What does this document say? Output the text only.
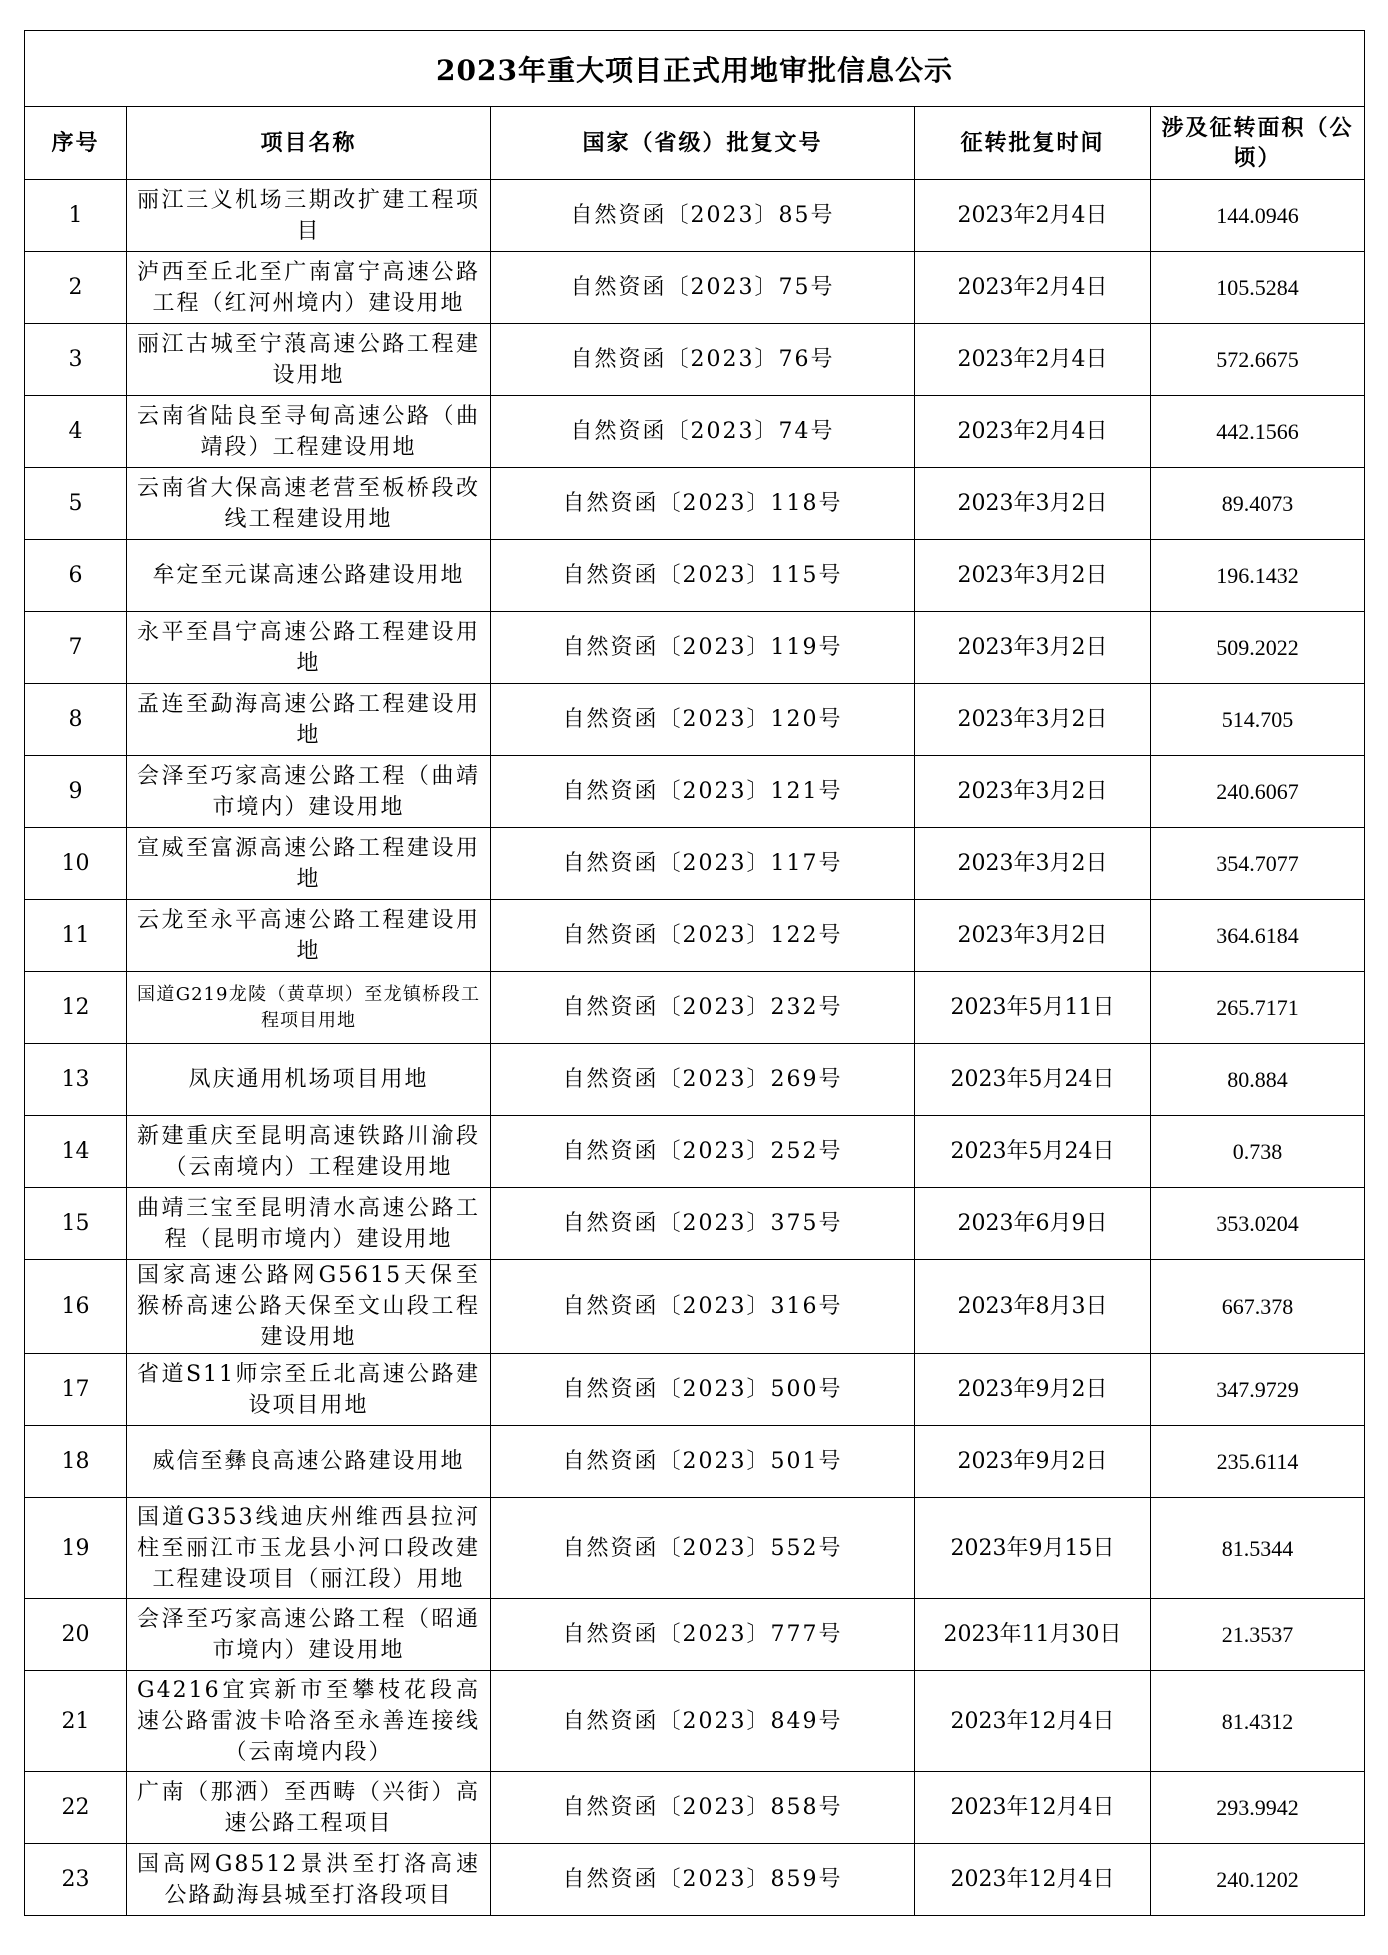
2023年重大项目正式用地审批信息公示				
序号	项目名称	国家（省级）批复文号	征转批复时间	涉及征转面积（公顷）
1	丽江三义机场三期改扩建工程项目	自然资函〔2023〕85号	2023年2月4日	144.0946
2	泸西至丘北至广南富宁高速公路工程（红河州境内）建设用地	自然资函〔2023〕75号	2023年2月4日	105.5284
3	丽江古城至宁蒗高速公路工程建设用地	自然资函〔2023〕76号	2023年2月4日	572.6675
4	云南省陆良至寻甸高速公路（曲靖段）工程建设用地	自然资函〔2023〕74号	2023年2月4日	442.1566
5	云南省大保高速老营至板桥段改线工程建设用地	自然资函〔2023〕118号	2023年3月2日	89.4073
6	牟定至元谋高速公路建设用地	自然资函〔2023〕115号	2023年3月2日	196.1432
7	永平至昌宁高速公路工程建设用地	自然资函〔2023〕119号	2023年3月2日	509.2022
8	孟连至勐海高速公路工程建设用地	自然资函〔2023〕120号	2023年3月2日	514.705
9	会泽至巧家高速公路工程（曲靖市境内）建设用地	自然资函〔2023〕121号	2023年3月2日	240.6067
10	宣威至富源高速公路工程建设用地	自然资函〔2023〕117号	2023年3月2日	354.7077
11	云龙至永平高速公路工程建设用地	自然资函〔2023〕122号	2023年3月2日	364.6184
12	国道G219龙陵（黄草坝）至龙镇桥段工程项目用地	自然资函〔2023〕232号	2023年5月11日	265.7171
13	凤庆通用机场项目用地	自然资函〔2023〕269号	2023年5月24日	80.884
14	新建重庆至昆明高速铁路川渝段（云南境内）工程建设用地	自然资函〔2023〕252号	2023年5月24日	0.738
15	曲靖三宝至昆明清水高速公路工程（昆明市境内）建设用地	自然资函〔2023〕375号	2023年6月9日	353.0204
16	国家高速公路网G5615天保至猴桥高速公路天保至文山段工程建设用地	自然资函〔2023〕316号	2023年8月3日	667.378
17	省道S11师宗至丘北高速公路建设项目用地	自然资函〔2023〕500号	2023年9月2日	347.9729
18	威信至彝良高速公路建设用地	自然资函〔2023〕501号	2023年9月2日	235.6114
19	国道G353线迪庆州维西县拉河柱至丽江市玉龙县小河口段改建工程建设项目（丽江段）用地	自然资函〔2023〕552号	2023年9月15日	81.5344
20	会泽至巧家高速公路工程（昭通市境内）建设用地	自然资函〔2023〕777号	2023年11月30日	21.3537
21	G4216宜宾新市至攀枝花段高速公路雷波卡哈洛至永善连接线（云南境内段）	自然资函〔2023〕849号	2023年12月4日	81.4312
22	广南（那洒）至西畴（兴街）高速公路工程项目	自然资函〔2023〕858号	2023年12月4日	293.9942
23	国高网G8512景洪至打洛高速公路勐海县城至打洛段项目	自然资函〔2023〕859号	2023年12月4日	240.1202
